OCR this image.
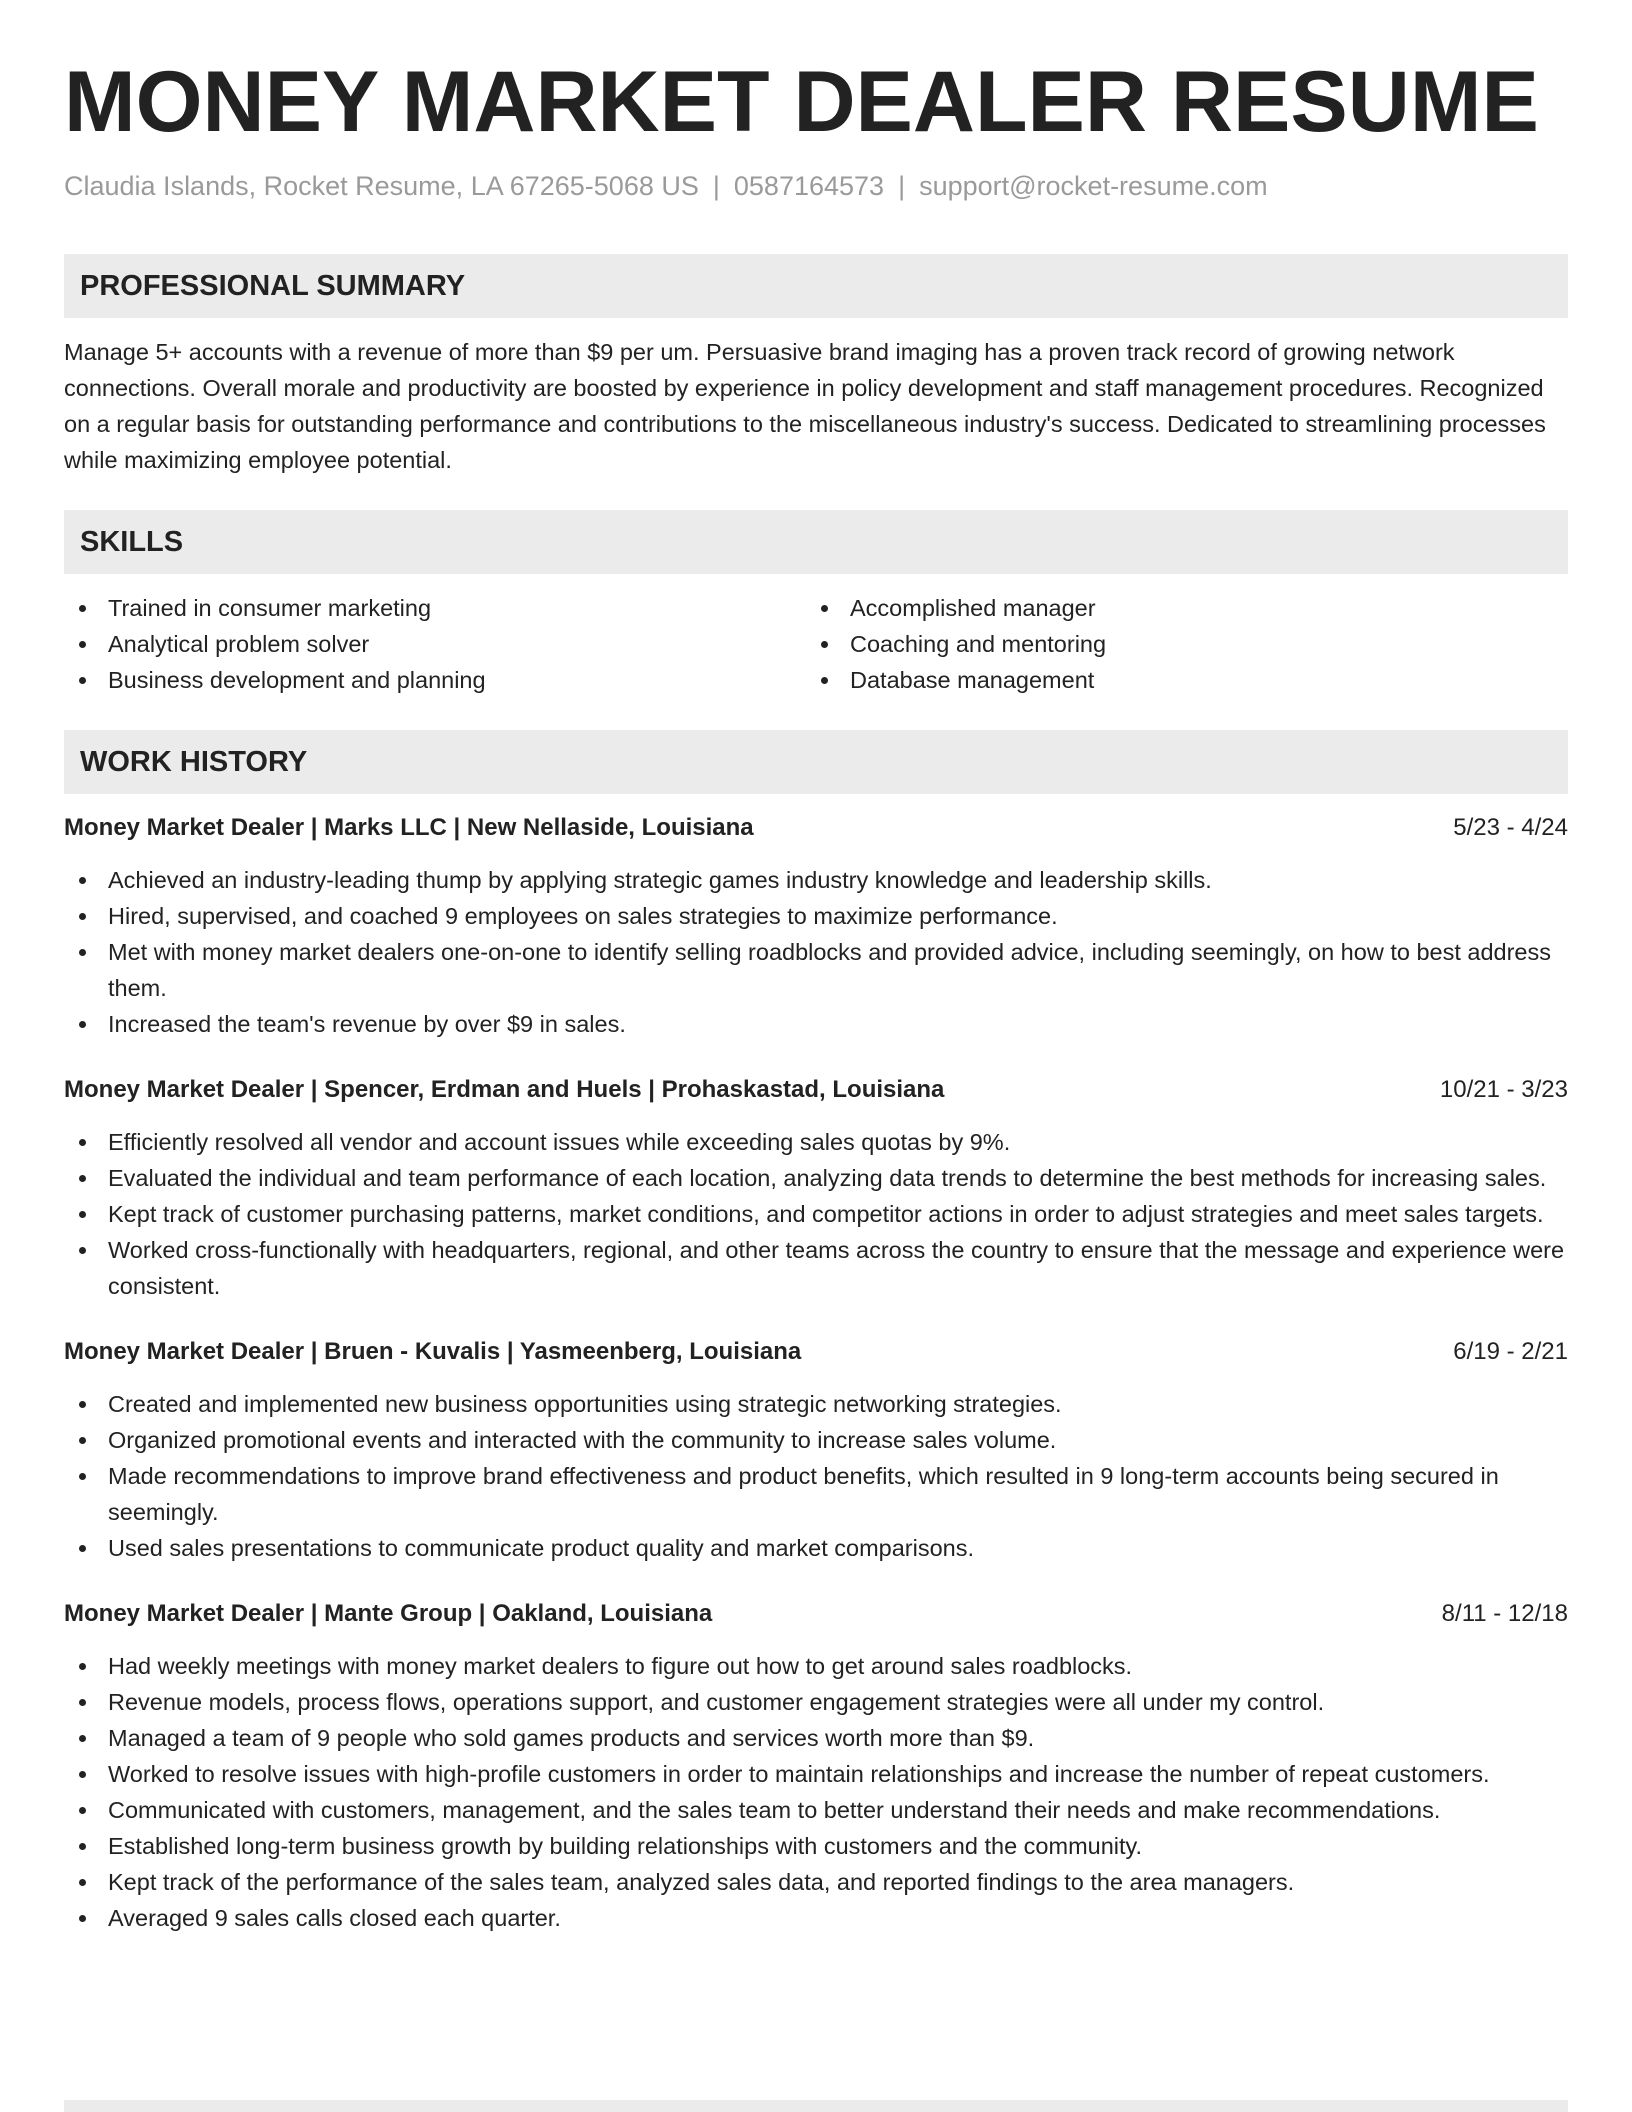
MONEY MARKET DEALER RESUME
Claudia Islands, Rocket Resume, LA 67265-5068 US | 0587164573 | support@rocket-resume.com
PROFESSIONAL SUMMARY

Manage 5+ accounts with a revenue of more than $9 per um. Persuasive brand imaging has a proven track record of growing network connections. Overall morale and productivity are boosted by experience in policy development and staff management procedures. Recognized on a regular basis for outstanding performance and contributions to the miscellaneous industry's success. Dedicated to streamlining processes while maximizing employee potential.

SKILLS
Trained in consumer marketing
Analytical problem solver
Business development and planning
Accomplished manager
Coaching and mentoring
Database management
WORK HISTORY
Money Market Dealer | Marks LLC | New Nellaside, Louisiana	5/23 - 4/24
Achieved an industry-leading thump by applying strategic games industry knowledge and leadership skills.
Hired, supervised, and coached 9 employees on sales strategies to maximize performance.
Met with money market dealers one-on-one to identify selling roadblocks and provided advice, including seemingly, on how to best address them.
Increased the team's revenue by over $9 in sales.
Money Market Dealer | Spencer, Erdman and Huels | Prohaskastad, Louisiana	10/21 - 3/23
Efficiently resolved all vendor and account issues while exceeding sales quotas by 9%.
Evaluated the individual and team performance of each location, analyzing data trends to determine the best methods for increasing sales.
Kept track of customer purchasing patterns, market conditions, and competitor actions in order to adjust strategies and meet sales targets.
Worked cross-functionally with headquarters, regional, and other teams across the country to ensure that the message and experience were consistent.
Money Market Dealer | Bruen - Kuvalis | Yasmeenberg, Louisiana	6/19 - 2/21
Created and implemented new business opportunities using strategic networking strategies.
Organized promotional events and interacted with the community to increase sales volume.
Made recommendations to improve brand effectiveness and product benefits, which resulted in 9 long-term accounts being secured in seemingly.
Used sales presentations to communicate product quality and market comparisons.
Money Market Dealer | Mante Group | Oakland, Louisiana	8/11 - 12/18
Had weekly meetings with money market dealers to figure out how to get around sales roadblocks.
Revenue models, process flows, operations support, and customer engagement strategies were all under my control.
Managed a team of 9 people who sold games products and services worth more than $9.
Worked to resolve issues with high-profile customers in order to maintain relationships and increase the number of repeat customers.
Communicated with customers, management, and the sales team to better understand their needs and make recommendations.
Established long-term business growth by building relationships with customers and the community.
Kept track of the performance of the sales team, analyzed sales data, and reported findings to the area managers.
Averaged 9 sales calls closed each quarter.
